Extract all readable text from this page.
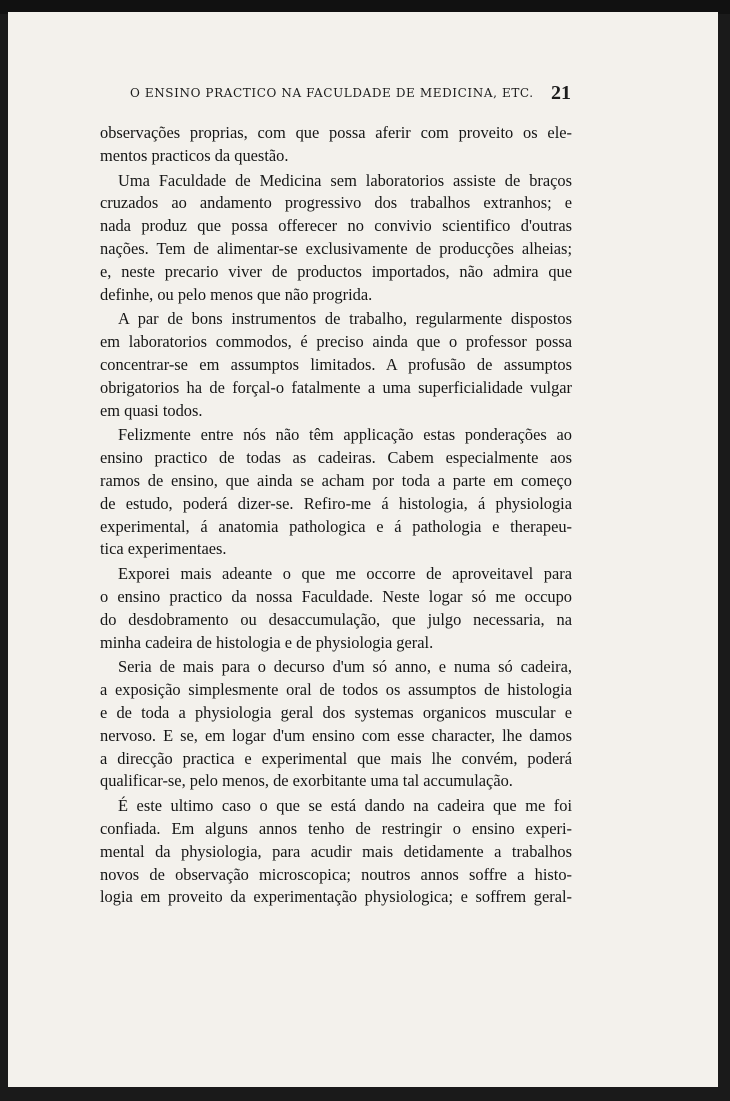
O ENSINO PRACTICO NA FACULDADE DE MEDICINA, ETC. 21
observações proprias, com que possa aferir com proveito os ele-
mentos practicos da questão.
Uma Faculdade de Medicina sem laboratorios assiste de braços
cruzados ao andamento progressivo dos trabalhos extranhos; e
nada produz que possa offerecer no convivio scientifico d'outras
nações. Tem de alimentar-se exclusivamente de producções alheias;
e, neste precario viver de productos importados, não admira que
definhe, ou pelo menos que não progrida.
A par de bons instrumentos de trabalho, regularmente dispostos
em laboratorios commodos, é preciso ainda que o professor possa
concentrar-se em assumptos limitados. A profusão de assumptos
obrigatorios ha de forçal-o fatalmente a uma superficialidade vulgar
em quasi todos.
Felizmente entre nós não têm applicação estas ponderações ao
ensino practico de todas as cadeiras. Cabem especialmente aos
ramos de ensino, que ainda se acham por toda a parte em começo
de estudo, poderá dizer-se. Refiro-me á histologia, á physiologia
experimental, á anatomia pathologica e á pathologia e therapeu-
tica experimentaes.
Exporei mais adeante o que me occorre de aproveitavel para
o ensino practico da nossa Faculdade. Neste logar só me occupo
do desdobramento ou desaccumulação, que julgo necessaria, na
minha cadeira de histologia e de physiologia geral.
Seria de mais para o decurso d'um só anno, e numa só cadeira,
a exposição simplesmente oral de todos os assumptos de histologia
e de toda a physiologia geral dos systemas organicos muscular e
nervoso. E se, em logar d'um ensino com esse character, lhe damos
a direcção practica e experimental que mais lhe convém, poderá
qualificar-se, pelo menos, de exorbitante uma tal accumulação.
É este ultimo caso o que se está dando na cadeira que me foi
confiada. Em alguns annos tenho de restringir o ensino experi-
mental da physiologia, para acudir mais detidamente a trabalhos
novos de observação microscopica; noutros annos soffre a histo-
logia em proveito da experimentação physiologica; e soffrem geral-
